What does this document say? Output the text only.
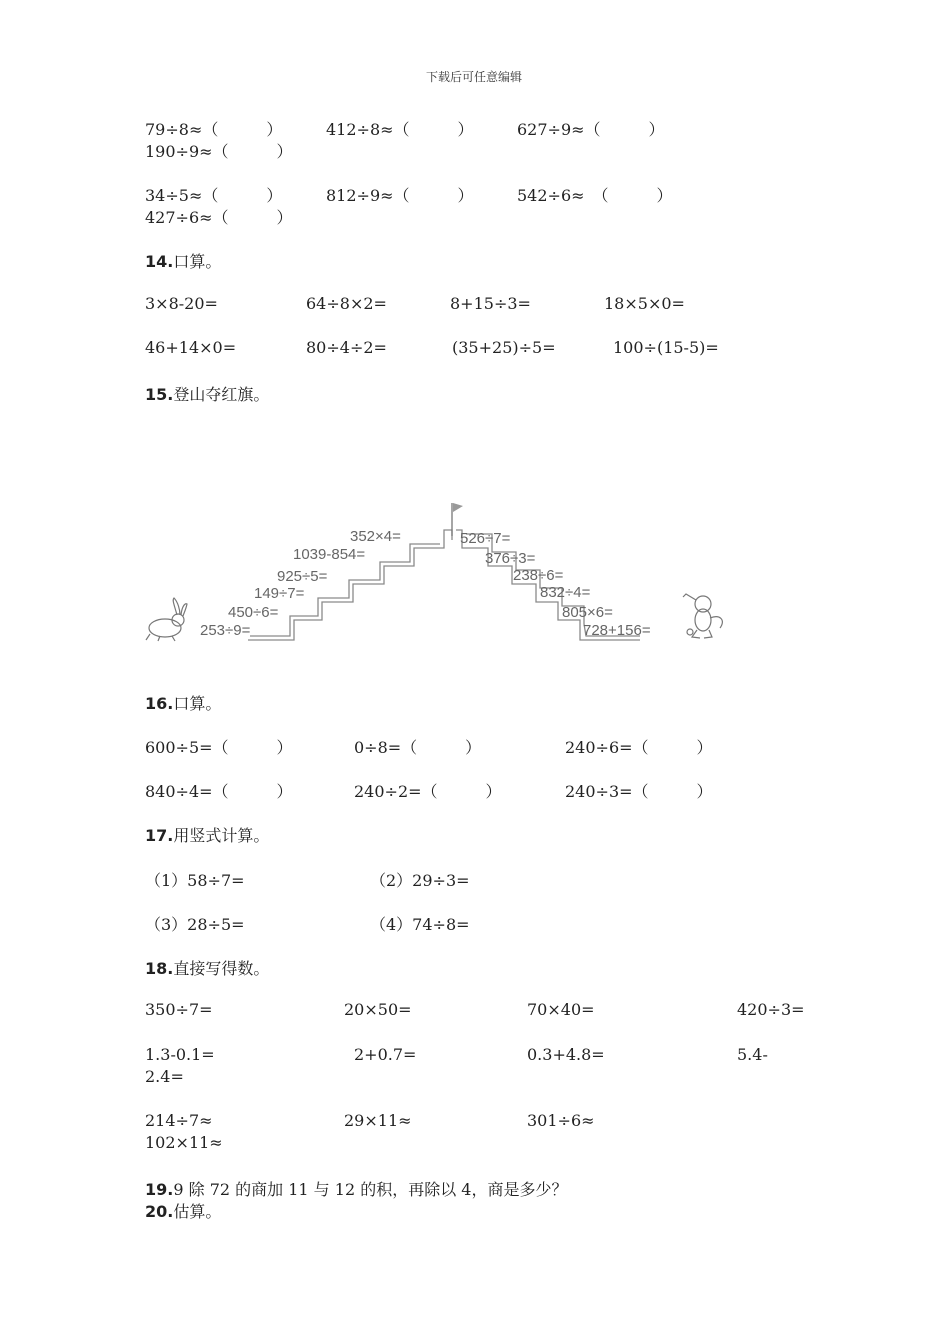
下载后可任意编辑
79÷8≈（　　　）	412÷8≈（　　　）	627÷9≈（　　　）
190÷9≈（　　　）
34÷5≈（　　　）	812÷9≈（　　　）	542÷6≈　（　　　）
427÷6≈（　　　）
14.口算。
3×8-20=	64÷8×2=	8+15÷3=	18×5×0=
46+14×0=	80÷4÷2=	(35+25)÷5=	100÷(15-5)=
15.登山夺红旗。
352×4=
1039-854=
925÷5=
149÷7=
450÷6=
253÷9=
526÷7=
376÷3=
238÷6=
832÷4=
805×6=
728+156=
16.口算。
600÷5=（　　　）	0÷8=（　　　）	240÷6=（　　　）
840÷4=（　　　）	240÷2=（　　　）	240÷3=（　　　）
17.用竖式计算。
（1）58÷7=	（2）29÷3=
（3）28÷5=	（4）74÷8=
18.直接写得数。
350÷7=	20×50=	70×40=	420÷3=
1.3-0.1=	2+0.7=	0.3+4.8=	5.4-
2.4=
214÷7≈	29×11≈	301÷6≈
102×11≈
19.9 除 72 的商加 11 与 12 的积，再除以 4，商是多少？
20.估算。
